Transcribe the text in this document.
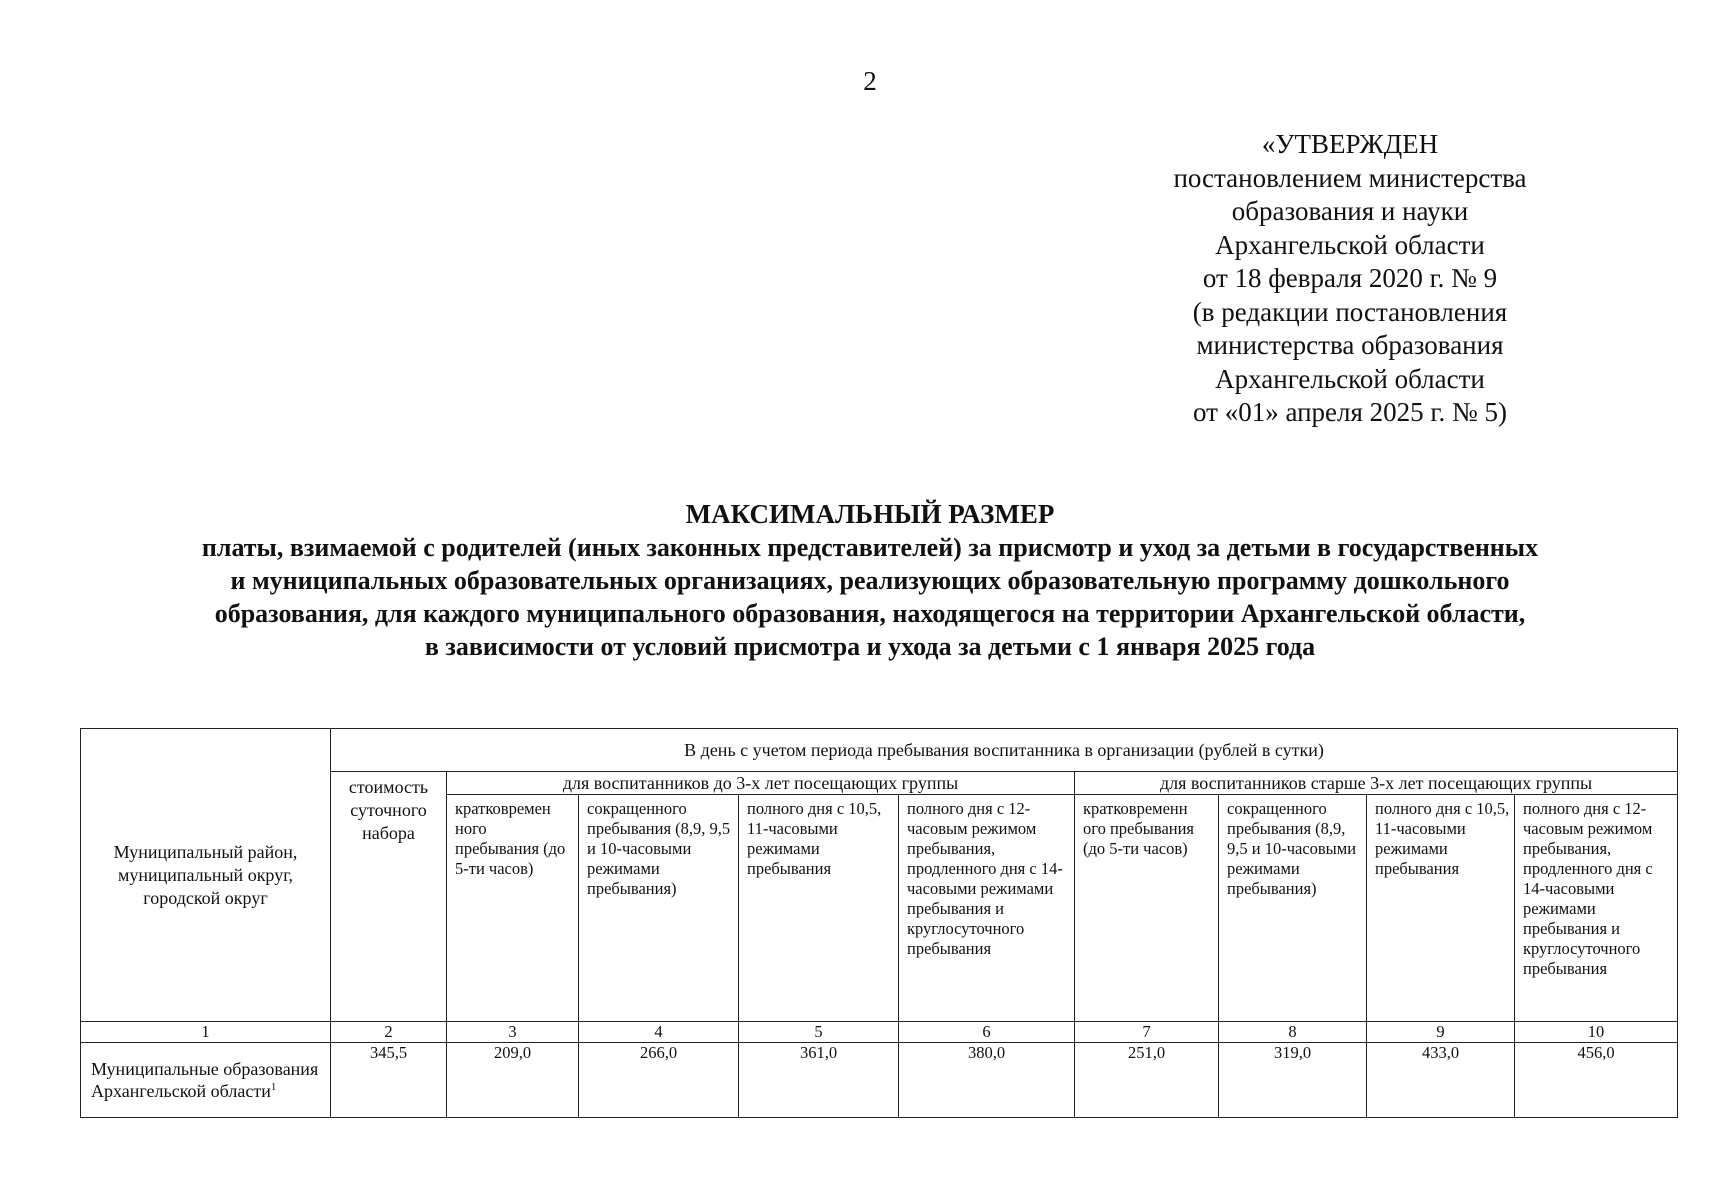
2
«УТВЕРЖДЕН
постановлением министерства
образования и науки
Архангельской области
от 18 февраля 2020 г. № 9
(в редакции постановления
министерства образования
Архангельской области
от «01» апреля 2025 г. № 5)
МАКСИМАЛЬНЫЙ РАЗМЕР
платы, взимаемой с родителей (иных законных представителей) за присмотр и уход за детьми в государственных
и муниципальных образовательных организациях, реализующих образовательную программу дошкольного
образования, для каждого муниципального образования, находящегося на территории Архангельской области,
в зависимости от условий присмотра и ухода за детьми с 1 января 2025 года
Муниципальный район, муниципальный округ, городской округ	В день с учетом периода пребывания воспитанника в организации (рублей в сутки)								
	стоимость суточного набора	для воспитанников до 3-х лет посещающих группы				для воспитанников старше 3-х лет посещающих группы			
		кратковремен ного пребывания (до 5-ти часов)	сокращенного пребывания (8,9, 9,5 и 10-часовыми режимами пребывания)	полного дня с 10,5, 11-часовыми режимами пребывания	полного дня с 12-часовым режимом пребывания, продленного дня с 14-часовыми режимами пребывания и круглосуточного пребывания	кратковременн ого пребывания (до 5-ти часов)	сокращенного пребывания (8,9, 9,5 и 10-часовыми режимами пребывания)	полного дня с 10,5, 11-часовыми режимами пребывания	полного дня с 12-часовым режимом пребывания, продленного дня с 14-часовыми режимами пребывания и круглосуточного пребывания
1	2	3	4	5	6	7	8	9	10
Муниципальные образования Архангельской области$^1$	345,5	209,0	266,0	361,0	380,0	251,0	319,0	433,0	456,0
